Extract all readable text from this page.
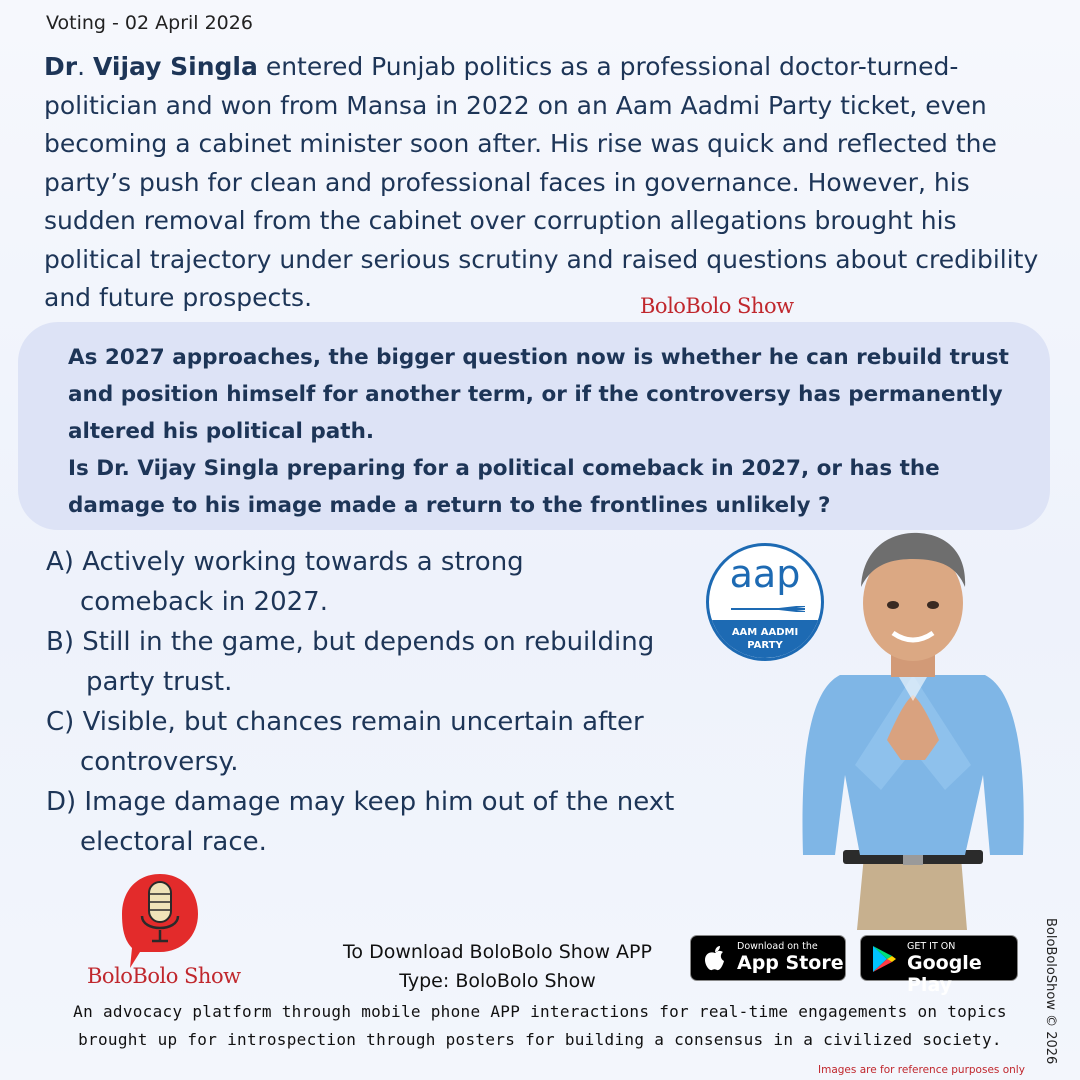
Voting - 02 April 2026

Dr. Vijay Singla entered Punjab politics as a professional doctor-turned-politician and won from Mansa in 2022 on an Aam Aadmi Party ticket, even becoming a cabinet minister soon after. His rise was quick and reflected the party’s push for clean and professional faces in governance. However, his sudden removal from the cabinet over corruption allegations brought his political trajectory under serious scrutiny and raised questions about credibility and future prospects.	BoloBolo Show

As 2027 approaches, the bigger question now is whether he can rebuild trust and position himself for another term, or if the controversy has permanently altered his political path.
Is Dr. Vijay Singla preparing for a political comeback in 2027, or has the damage to his image made a return to the frontlines unlikely ?

A) Actively working towards a strong
comeback in 2027.
B) Still in the game, but depends on rebuilding
party trust.
C) Visible, but chances remain uncertain after
controversy.
D) Image damage may keep him out of the next
electoral race.
aap
AAM AADMI
PARTY
BoloBolo Show
To Download BoloBolo Show APP
Type: BoloBolo Show
Download on the
App Store
GET IT ON
Google Play
An advocacy platform through mobile phone APP interactions for real-time engagements on topics
brought up for introspection through posters for building a consensus in a civilized society.	BoloBoloShow © 2026
Images are for reference purposes only
